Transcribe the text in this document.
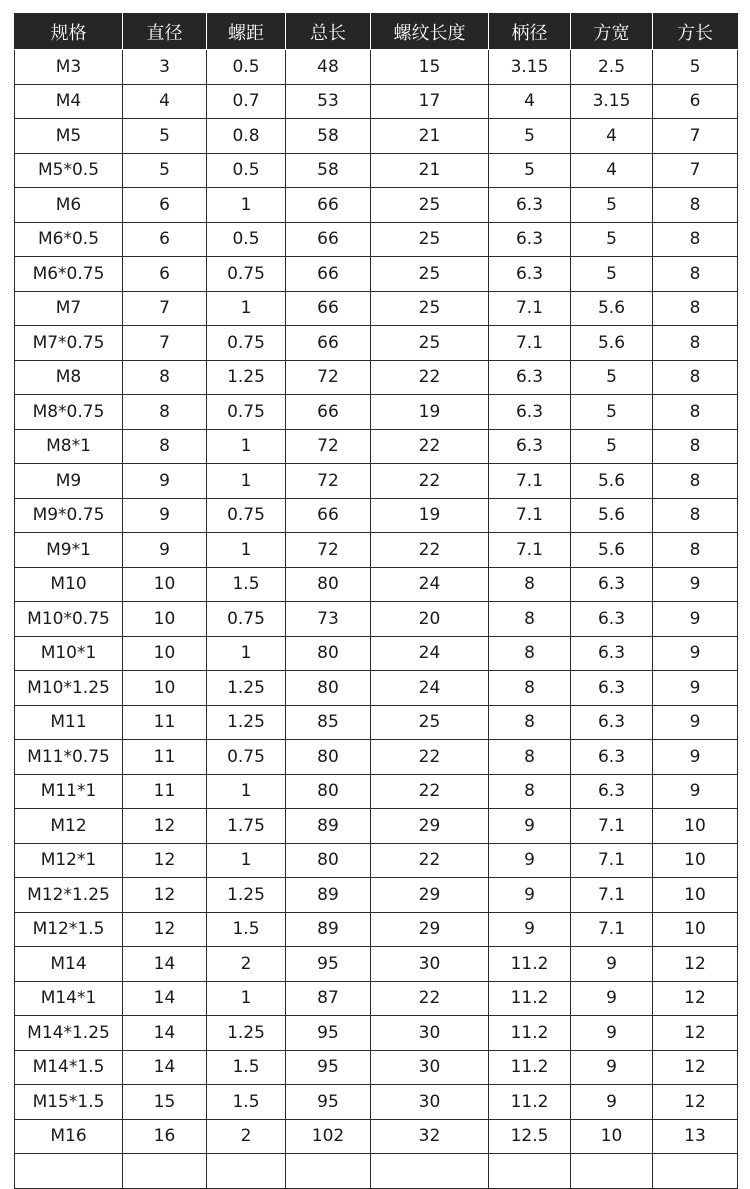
规格	直径	螺距	总长	螺纹长度	柄径	方宽	方长
M3	3	0.5	48	15	3.15	2.5	5
M4	4	0.7	53	17	4	3.15	6
M5	5	0.8	58	21	5	4	7
M5*0.5	5	0.5	58	21	5	4	7
M6	6	1	66	25	6.3	5	8
M6*0.5	6	0.5	66	25	6.3	5	8
M6*0.75	6	0.75	66	25	6.3	5	8
M7	7	1	66	25	7.1	5.6	8
M7*0.75	7	0.75	66	25	7.1	5.6	8
M8	8	1.25	72	22	6.3	5	8
M8*0.75	8	0.75	66	19	6.3	5	8
M8*1	8	1	72	22	6.3	5	8
M9	9	1	72	22	7.1	5.6	8
M9*0.75	9	0.75	66	19	7.1	5.6	8
M9*1	9	1	72	22	7.1	5.6	8
M10	10	1.5	80	24	8	6.3	9
M10*0.75	10	0.75	73	20	8	6.3	9
M10*1	10	1	80	24	8	6.3	9
M10*1.25	10	1.25	80	24	8	6.3	9
M11	11	1.25	85	25	8	6.3	9
M11*0.75	11	0.75	80	22	8	6.3	9
M11*1	11	1	80	22	8	6.3	9
M12	12	1.75	89	29	9	7.1	10
M12*1	12	1	80	22	9	7.1	10
M12*1.25	12	1.25	89	29	9	7.1	10
M12*1.5	12	1.5	89	29	9	7.1	10
M14	14	2	95	30	11.2	9	12
M14*1	14	1	87	22	11.2	9	12
M14*1.25	14	1.25	95	30	11.2	9	12
M14*1.5	14	1.5	95	30	11.2	9	12
M15*1.5	15	1.5	95	30	11.2	9	12
M16	16	2	102	32	12.5	10	13
